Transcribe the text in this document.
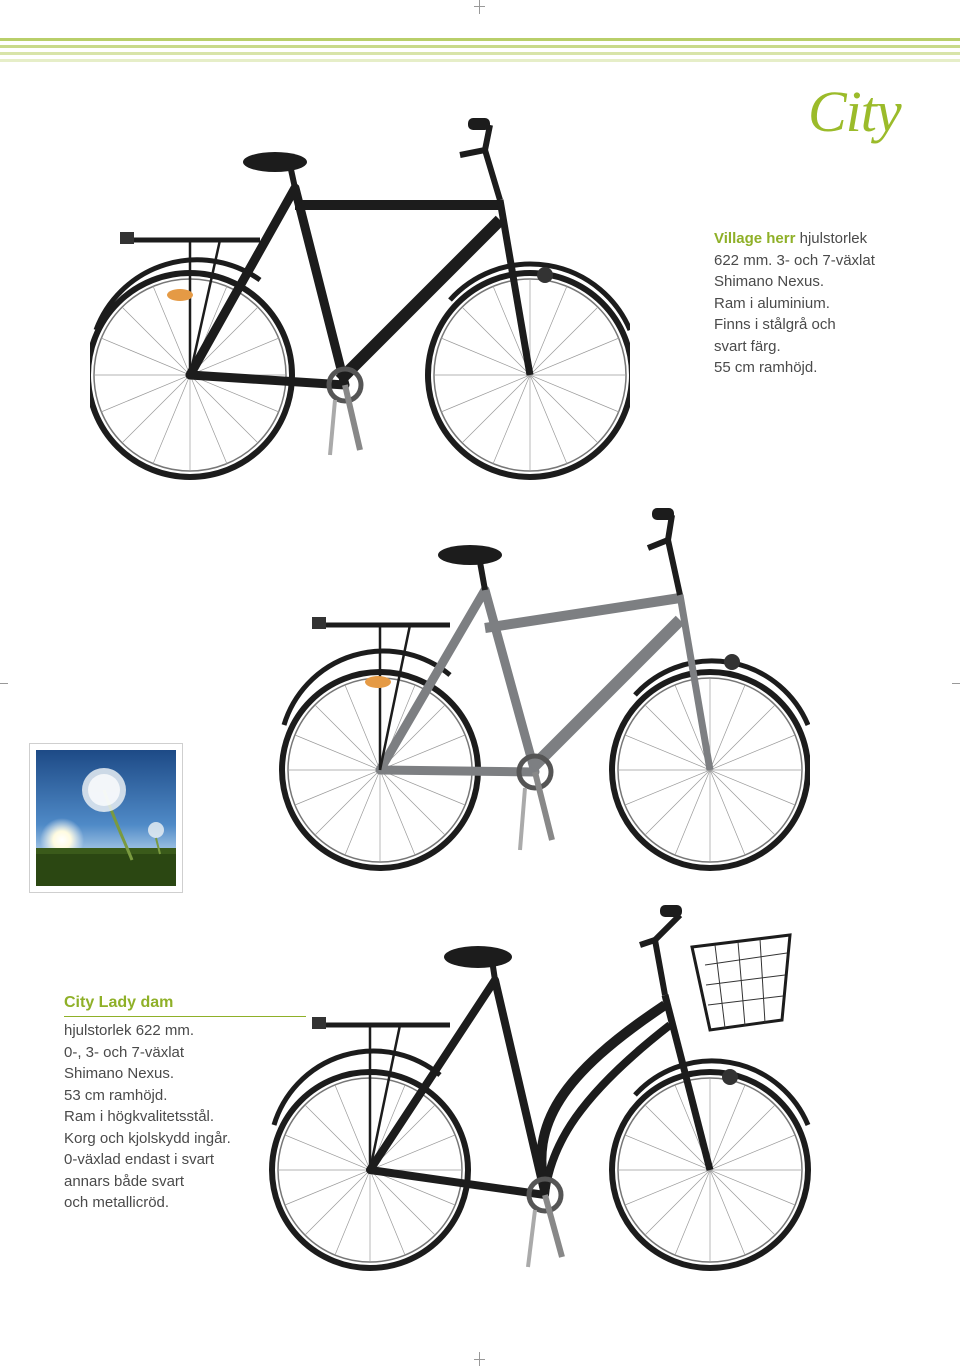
City
Village herr hjulstorlek
622 mm. 3- och 7-växlat
Shimano Nexus.
Ram i aluminium.
Finns i stålgrå och
svart färg.
55 cm ramhöjd.
City Lady dam
hjulstorlek 622 mm.
0-, 3- och 7-växlat
Shimano Nexus.
53 cm ramhöjd.
Ram i högkvalitetsstål.
Korg och kjolskydd ingår.
0-växlad endast i svart
annars både svart
och metallicröd.
